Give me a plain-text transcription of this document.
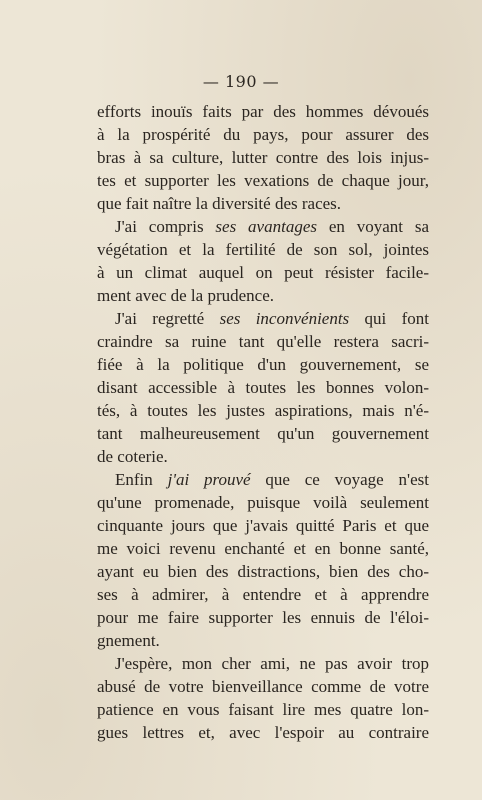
— 190 —
efforts inouïs faits par des hommes dévoués
à la prospérité du pays, pour assurer des
bras à sa culture, lutter contre des lois injus-
tes et supporter les vexations de chaque jour,
que fait naître la diversité des races.
J'ai compris ses avantages en voyant sa
végétation et la fertilité de son sol, jointes
à un climat auquel on peut résister facile-
ment avec de la prudence.
J'ai regretté ses inconvénients qui font
craindre sa ruine tant qu'elle restera sacri-
fiée à la politique d'un gouvernement, se
disant accessible à toutes les bonnes volon-
tés, à toutes les justes aspirations, mais n'é-
tant malheureusement qu'un gouvernement
de coterie.
Enfin j'ai prouvé que ce voyage n'est
qu'une promenade, puisque voilà seulement
cinquante jours que j'avais quitté Paris et que
me voici revenu enchanté et en bonne santé,
ayant eu bien des distractions, bien des cho-
ses à admirer, à entendre et à apprendre
pour me faire supporter les ennuis de l'éloi-
gnement.
J'espère, mon cher ami, ne pas avoir trop
abusé de votre bienveillance comme de votre
patience en vous faisant lire mes quatre lon-
gues lettres et, avec l'espoir au contraire
